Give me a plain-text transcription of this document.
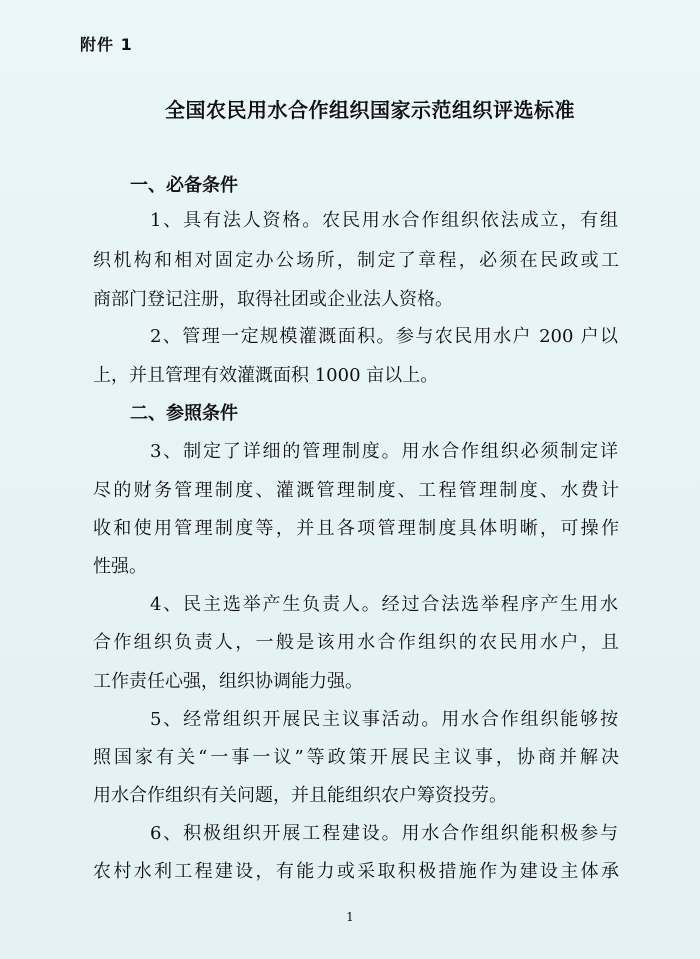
附件 1
全国农民用水合作组织国家示范组织评选标准
一、必备条件
1、具有法人资格。农民用水合作组织依法成立，有组
织机构和相对固定办公场所，制定了章程，必须在民政或工
商部门登记注册，取得社团或企业法人资格。
2、管理一定规模灌溉面积。参与农民用水户 200 户以
上，并且管理有效灌溉面积 1000 亩以上。
二、参照条件
3、制定了详细的管理制度。用水合作组织必须制定详
尽的财务管理制度、灌溉管理制度、工程管理制度、水费计
收和使用管理制度等，并且各项管理制度具体明晰，可操作
性强。
4、民主选举产生负责人。经过合法选举程序产生用水
合作组织负责人，一般是该用水合作组织的农民用水户，且
工作责任心强，组织协调能力强。
5、经常组织开展民主议事活动。用水合作组织能够按
照国家有关“一事一议”等政策开展民主议事，协商并解决
用水合作组织有关问题，并且能组织农户筹资投劳。
6、积极组织开展工程建设。用水合作组织能积极参与
农村水利工程建设，有能力或采取积极措施作为建设主体承
1
